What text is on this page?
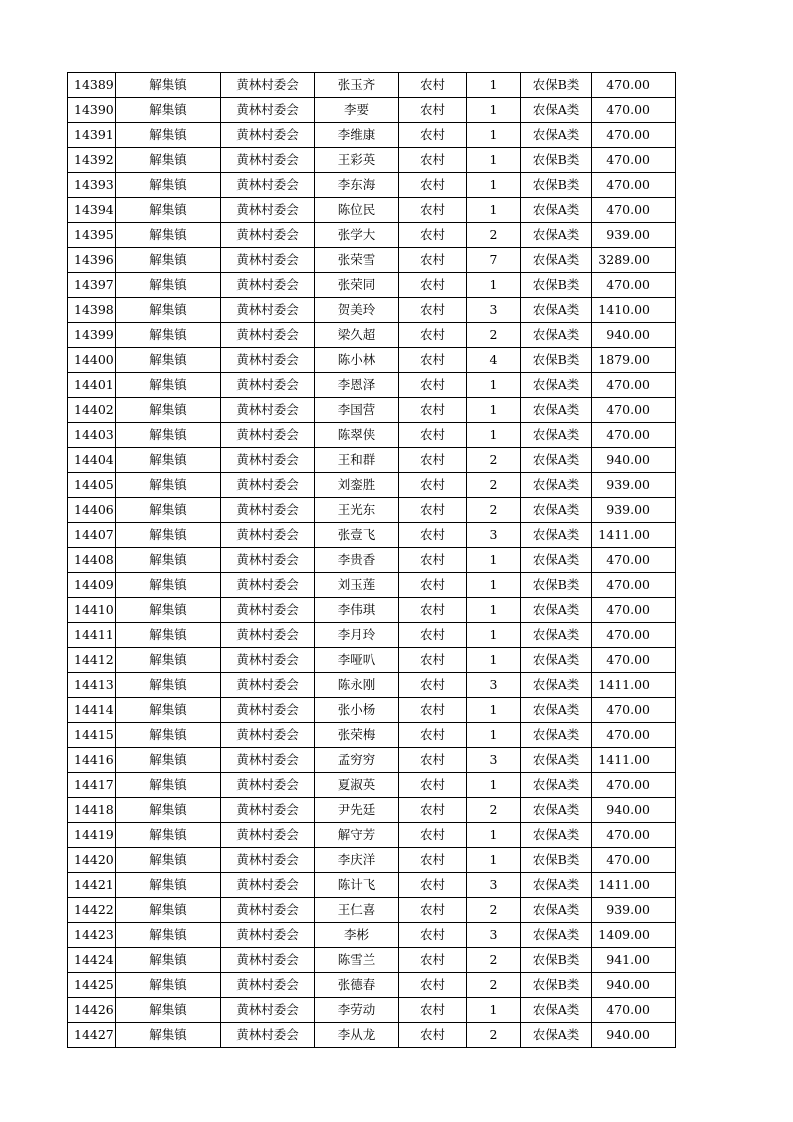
14389	解集镇	黄林村委会	张玉齐	农村	1	农保B类	470.00
14390	解集镇	黄林村委会	李要	农村	1	农保A类	470.00
14391	解集镇	黄林村委会	李维康	农村	1	农保A类	470.00
14392	解集镇	黄林村委会	王彩英	农村	1	农保B类	470.00
14393	解集镇	黄林村委会	李东海	农村	1	农保B类	470.00
14394	解集镇	黄林村委会	陈位民	农村	1	农保A类	470.00
14395	解集镇	黄林村委会	张学大	农村	2	农保A类	939.00
14396	解集镇	黄林村委会	张荣雪	农村	7	农保A类	3289.00
14397	解集镇	黄林村委会	张荣同	农村	1	农保B类	470.00
14398	解集镇	黄林村委会	贺美玲	农村	3	农保A类	1410.00
14399	解集镇	黄林村委会	梁久超	农村	2	农保A类	940.00
14400	解集镇	黄林村委会	陈小林	农村	4	农保B类	1879.00
14401	解集镇	黄林村委会	李恩泽	农村	1	农保A类	470.00
14402	解集镇	黄林村委会	李国营	农村	1	农保A类	470.00
14403	解集镇	黄林村委会	陈翠侠	农村	1	农保A类	470.00
14404	解集镇	黄林村委会	王和群	农村	2	农保A类	940.00
14405	解集镇	黄林村委会	刘銮胜	农村	2	农保A类	939.00
14406	解集镇	黄林村委会	王光东	农村	2	农保A类	939.00
14407	解集镇	黄林村委会	张壹飞	农村	3	农保A类	1411.00
14408	解集镇	黄林村委会	李贵香	农村	1	农保A类	470.00
14409	解集镇	黄林村委会	刘玉莲	农村	1	农保B类	470.00
14410	解集镇	黄林村委会	李伟琪	农村	1	农保A类	470.00
14411	解集镇	黄林村委会	李月玲	农村	1	农保A类	470.00
14412	解集镇	黄林村委会	李哑叭	农村	1	农保A类	470.00
14413	解集镇	黄林村委会	陈永刚	农村	3	农保A类	1411.00
14414	解集镇	黄林村委会	张小杨	农村	1	农保A类	470.00
14415	解集镇	黄林村委会	张荣梅	农村	1	农保A类	470.00
14416	解集镇	黄林村委会	孟穷穷	农村	3	农保A类	1411.00
14417	解集镇	黄林村委会	夏淑英	农村	1	农保A类	470.00
14418	解集镇	黄林村委会	尹先廷	农村	2	农保A类	940.00
14419	解集镇	黄林村委会	解守芳	农村	1	农保A类	470.00
14420	解集镇	黄林村委会	李庆洋	农村	1	农保B类	470.00
14421	解集镇	黄林村委会	陈计飞	农村	3	农保A类	1411.00
14422	解集镇	黄林村委会	王仁喜	农村	2	农保A类	939.00
14423	解集镇	黄林村委会	李彬	农村	3	农保A类	1409.00
14424	解集镇	黄林村委会	陈雪兰	农村	2	农保B类	941.00
14425	解集镇	黄林村委会	张德春	农村	2	农保B类	940.00
14426	解集镇	黄林村委会	李劳动	农村	1	农保A类	470.00
14427	解集镇	黄林村委会	李从龙	农村	2	农保A类	940.00
